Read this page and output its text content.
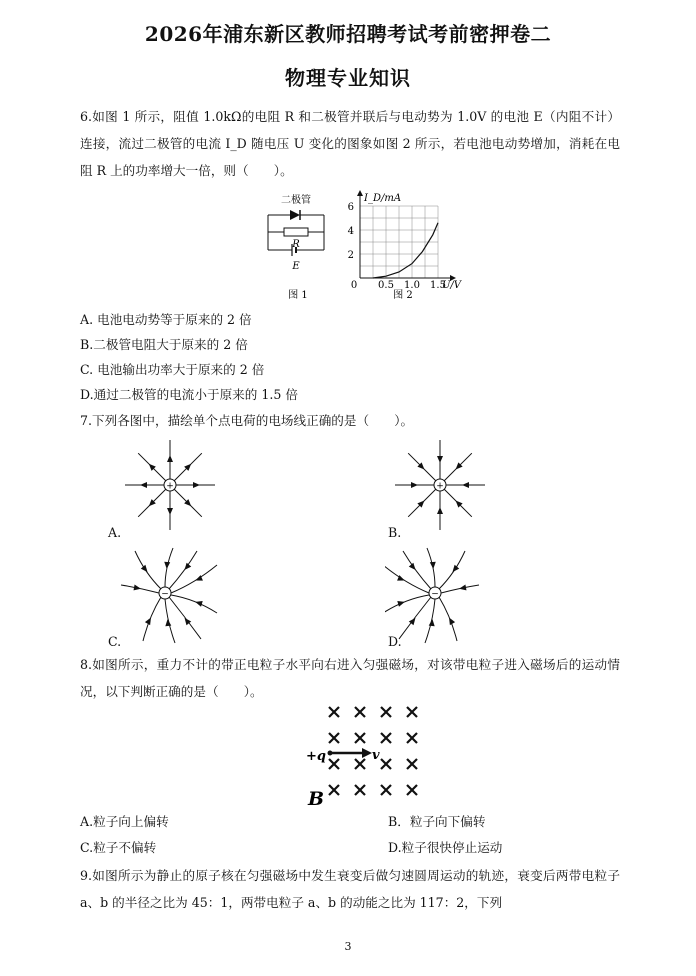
2026年浦东新区教师招聘考试考前密押卷二
物理专业知识
6.如图 1 所示，阻值 1.0kΩ的电阻 R 和二极管并联后与电动势为 1.0V 的电池 E（内阻不计）连接，流过二极管的电流 I_D 随电压 U 变化的图象如图 2 所示，若电池电动势增加，消耗在电阻 R 上的功率增大一倍，则（　　）。
二极管
R
E
图 1
0 0.5 1.0 1.5
2
4
6
I_D/mA
U/V
图 2
A. 电池电动势等于原来的 2 倍
B.二极管电阻大于原来的 2 倍
C. 电池输出功率大于原来的 2 倍
D.通过二极管的电流小于原来的 1.5 倍
7.下列各图中，描绘单个点电荷的电场线正确的是（　　）。
+	+
−	−
A.	B.
C.	D.
8.如图所示，重力不计的带正电粒子水平向右进入匀强磁场，对该带电粒子进入磁场后的运动情况，以下判断正确的是（　　）。
+q	v
B
A.粒子向上偏转	B．粒子向下偏转
C.粒子不偏转	D.粒子很快停止运动
9.如图所示为静止的原子核在匀强磁场中发生衰变后做匀速圆周运动的轨迹，衰变后两带电粒子 a、b 的半径之比为 45：1，两带电粒子 a、b 的动能之比为 117：2，下列
3
